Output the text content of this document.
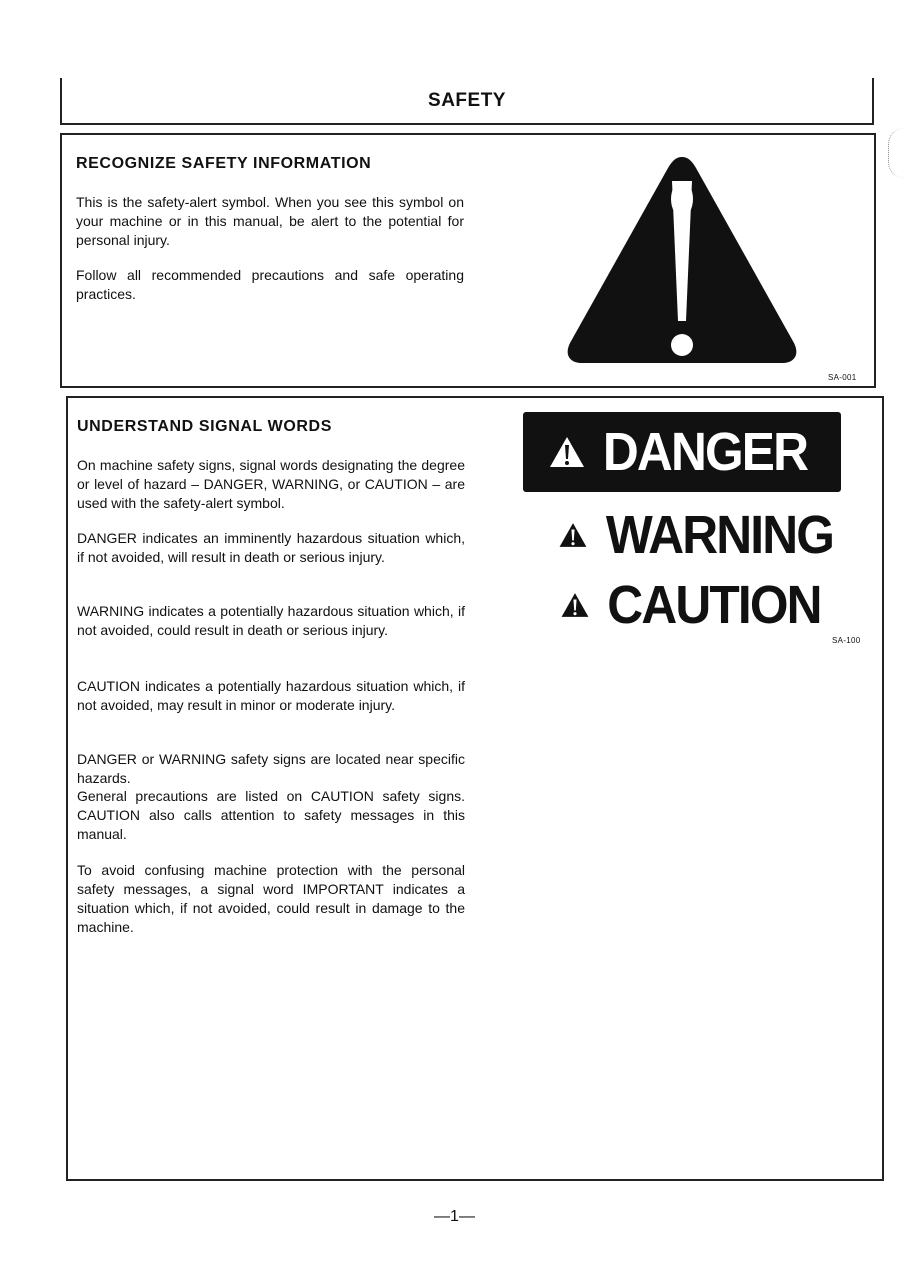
SAFETY
RECOGNIZE SAFETY INFORMATION

This is the safety-alert symbol. When you see this symbol on your machine or in this manual, be alert to the potential for personal injury.

Follow all recommended precautions and safe operating practices.

SA-001
UNDERSTAND SIGNAL WORDS

On machine safety signs, signal words designating the degree or level of hazard – DANGER, WARNING, or CAUTION – are used with the safety-alert symbol.

DANGER indicates an imminently hazardous situation which, if not avoided, will result in death or serious injury.

WARNING indicates a potentially hazardous situation which, if not avoided, could result in death or serious injury.

CAUTION indicates a potentially hazardous situation which, if not avoided, may result in minor or moderate injury.

DANGER or WARNING safety signs are located near specific hazards.

General precautions are listed on CAUTION safety signs. CAUTION also calls attention to safety messages in this manual.

To avoid confusing machine protection with the personal safety messages, a signal word IMPORTANT indicates a situation which, if not avoided, could result in damage to the machine.

DANGER
WARNING
CAUTION
SA-100
—1—
